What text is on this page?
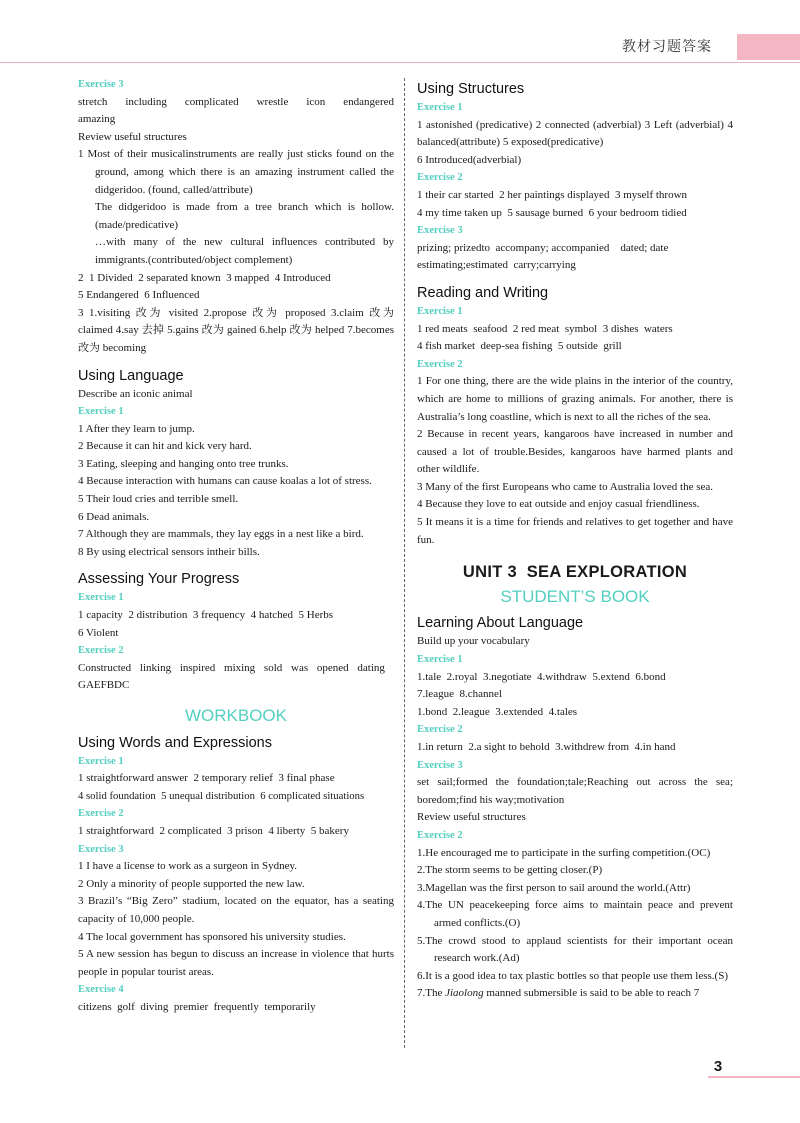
教材习题答案

Exercise 3

stretch including complicated wrestle icon endangered amazing

Review useful structures

1 Most of their musicalinstruments are really just sticks found on the ground, among which there is an amazing instrument called the didgeridoo. (found, called/attribute)

The didgeridoo is made from a tree branch which is hollow. (made/predicative)

…with many of the new cultural influences contributed by immigrants.(contributed/object complement)

2  1 Divided  2 separated known  3 mapped  4 Introduced

5 Endangered  6 Influenced

3 1.visiting 改为 visited 2.propose 改为 proposed 3.claim 改为 claimed 4.say 去掉 5.gains 改为 gained 6.help 改为 helped 7.becomes 改为 becoming

Using Language

Describe an iconic animal

Exercise 1

1 After they learn to jump.

2 Because it can hit and kick very hard.

3 Eating, sleeping and hanging onto tree trunks.

4 Because interaction with humans can cause koalas a lot of stress.

5 Their loud cries and terrible smell.

6 Dead animals.

7 Although they are mammals, they lay eggs in a nest like a bird.

8 By using electrical sensors intheir bills.

Assessing Your Progress

Exercise 1

1 capacity  2 distribution  3 frequency  4 hatched  5 Herbs

6 Violent

Exercise 2

Constructed linking inspired mixing sold was opened dating

GAEFBDC

WORKBOOK

Using Words and Expressions

Exercise 1

1 straightforward answer  2 temporary relief  3 final phase

4 solid foundation  5 unequal distribution  6 complicated situations

Exercise 2

1 straightforward  2 complicated  3 prison  4 liberty  5 bakery

Exercise 3

1 I have a license to work as a surgeon in Sydney.

2 Only a minority of people supported the new law.

3 Brazil’s “Big Zero” stadium, located on the equator, has a seating capacity of 10,000 people.

4 The local government has sponsored his university studies.

5 A new session has begun to discuss an increase in violence that hurts people in popular tourist areas.

Exercise 4

citizens  golf  diving  premier  frequently  temporarily

Using Structures

Exercise 1

1 astonished (predicative) 2 connected (adverbial) 3 Left (adverbial) 4 balanced(attribute) 5 exposed(predicative)

6 Introduced(adverbial)

Exercise 2

1 their car started  2 her paintings displayed  3 myself thrown

4 my time taken up  5 sausage burned  6 your bedroom tidied

Exercise 3

prizing; prizedto  accompany; accompanied    dated; date

estimating;estimated  carry;carrying

Reading and Writing

Exercise 1

1 red meats  seafood  2 red meat  symbol  3 dishes  waters

4 fish market  deep-sea fishing  5 outside  grill

Exercise 2

1 For one thing, there are the wide plains in the interior of the country, which are home to millions of grazing animals. For another, there is Australia’s long coastline, which is next to all the riches of the sea.

2 Because in recent years, kangaroos have increased in number and caused a lot of trouble.Besides, kangaroos have harmed plants and other wildlife.

3 Many of the first Europeans who came to Australia loved the sea.

4 Because they love to eat outside and enjoy casual friendliness.

5 It means it is a time for friends and relatives to get together and have fun.

UNIT 3  SEA EXPLORATION

STUDENT’S BOOK

Learning About Language

Build up your vocabulary

Exercise 1

1.tale  2.royal  3.negotiate  4.withdraw  5.extend  6.bond

7.league  8.channel

1.bond  2.league  3.extended  4.tales

Exercise 2

1.in return  2.a sight to behold  3.withdrew from  4.in hand

Exercise 3

set sail;formed the foundation;tale;Reaching out across the sea; boredom;find his way;motivation

Review useful structures

Exercise 2

1.He encouraged me to participate in the surfing competition.(OC)

2.The storm seems to be getting closer.(P)

3.Magellan was the first person to sail around the world.(Attr)

4.The UN peacekeeping force aims to maintain peace and prevent armed conflicts.(O)

5.The crowd stood to applaud scientists for their important ocean research work.(Ad)

6.It is a good idea to tax plastic bottles so that people use them less.(S)

7.The Jiaolong manned submersible is said to be able to reach 7

3
